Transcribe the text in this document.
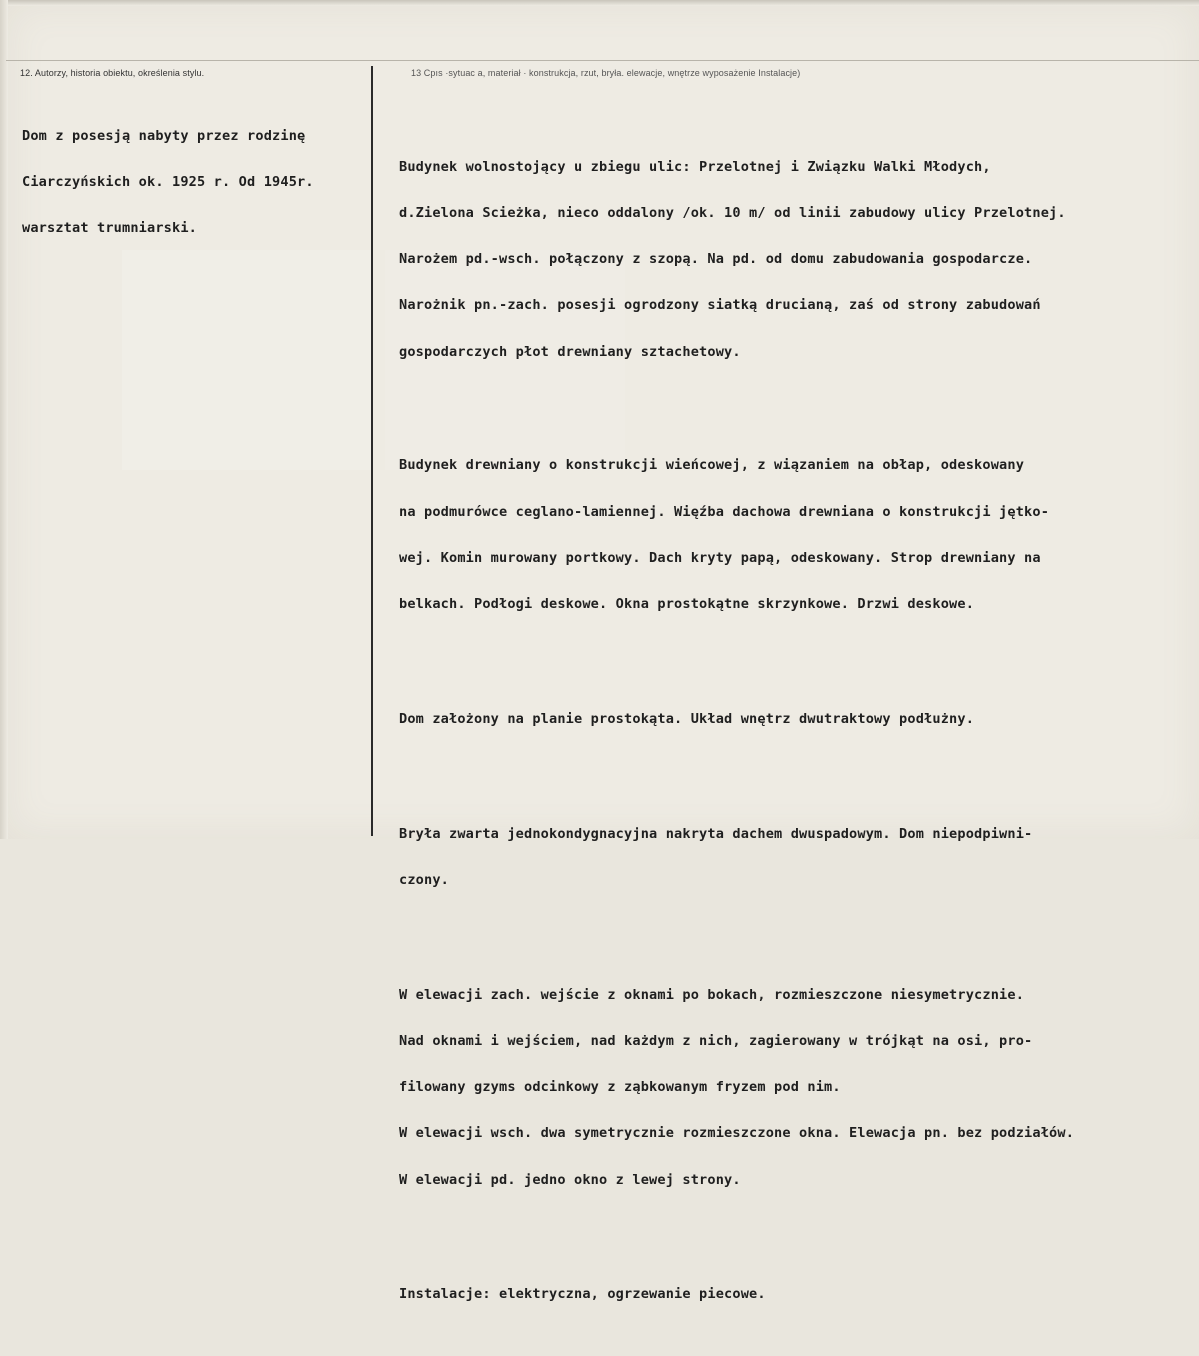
12. Autorzy, historia obiektu, określenia stylu.	13 Cpıs ·sytuac a, materiał · konstrukcja, rzut, bryła. elewacje, wnętrze wyposażenie Instalacje)

Dom z posesją nabyty przez rodzinę

Ciarczyńskich ok. 1925 r. Od 1945r.

warsztat trumniarski.

Budynek wolnostojący u zbiegu ulic: Przelotnej i Związku Walki Młodych,

d.Zielona Scieżka, nieco oddalony /ok. 10 m/ od linii zabudowy ulicy Przelotnej.

Narożem pd.-wsch. połączony z szopą. Na pd. od domu zabudowania gospodarcze.

Narożnik pn.-zach. posesji ogrodzony siatką drucianą, zaś od strony zabudowań

gospodarczych płot drewniany sztachetowy.

Budynek drewniany o konstrukcji wieńcowej, z wiązaniem na obłap, odeskowany

na podmurówce ceglano-lamiennej. Więźba dachowa drewniana o konstrukcji jętko-

wej. Komin murowany portkowy. Dach kryty papą, odeskowany. Strop drewniany na

belkach. Podłogi deskowe. Okna prostokątne skrzynkowe. Drzwi deskowe.

Dom założony na planie prostokąta. Układ wnętrz dwutraktowy podłużny.

Bryła zwarta jednokondygnacyjna nakryta dachem dwuspadowym. Dom niepodpiwni-

czony.

W elewacji zach. wejście z oknami po bokach, rozmieszczone niesymetrycznie.

Nad oknami i wejściem, nad każdym z nich, zagierowany w trójkąt na osi, pro-

filowany gzyms odcinkowy z ząbkowanym fryzem pod nim.

W elewacji wsch. dwa symetrycznie rozmieszczone okna. Elewacja pn. bez podziałów.

W elewacji pd. jedno okno z lewej strony.

Instalacje: elektryczna, ogrzewanie piecowe.
